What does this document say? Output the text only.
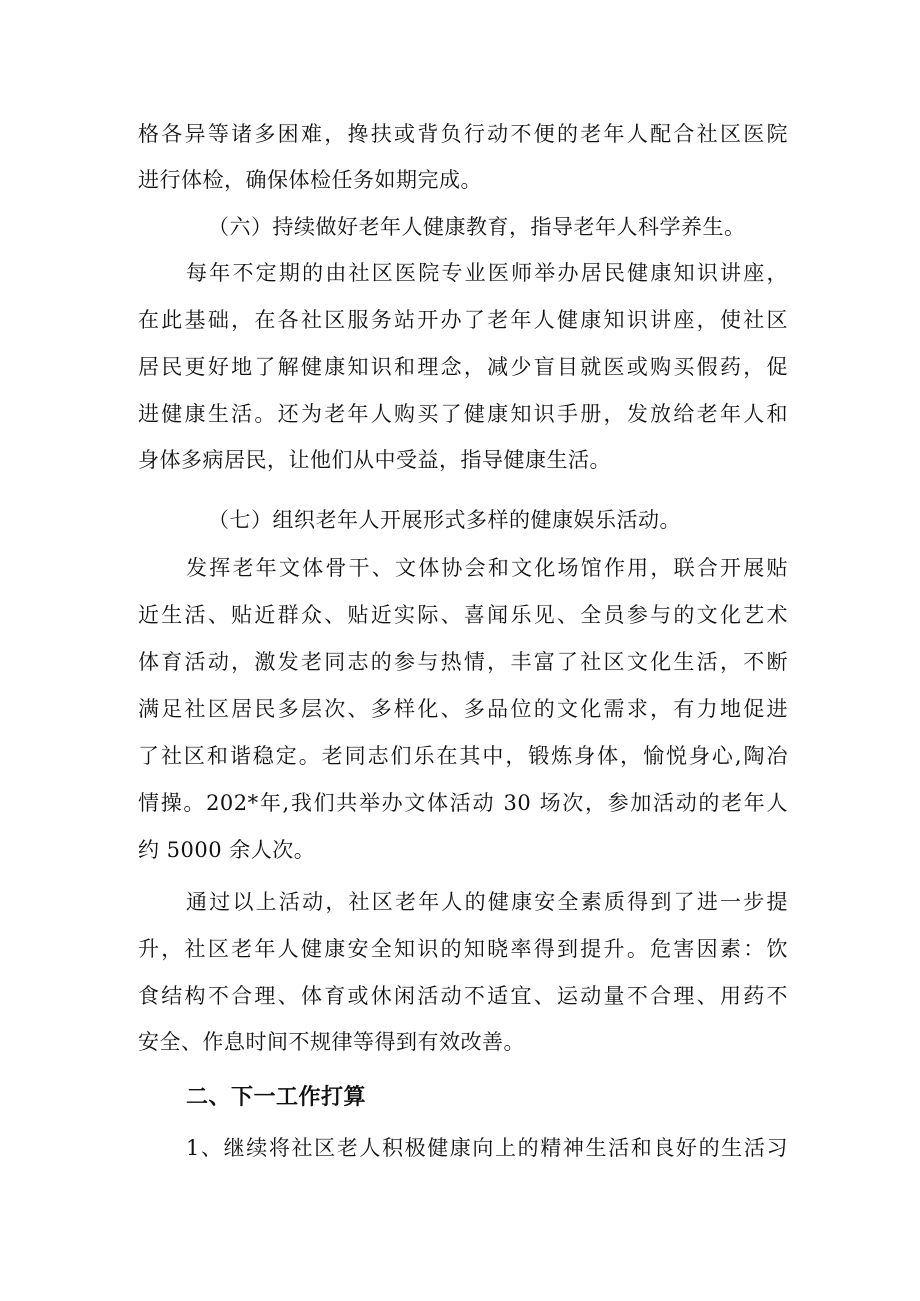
格各异等诸多困难，搀扶或背负行动不便的老年人配合社区医院
进行体检，确保体检任务如期完成。
（六）持续做好老年人健康教育，指导老年人科学养生。
每年不定期的由社区医院专业医师举办居民健康知识讲座，
在此基础，在各社区服务站开办了老年人健康知识讲座，使社区
居民更好地了解健康知识和理念，减少盲目就医或购买假药，促
进健康生活。还为老年人购买了健康知识手册，发放给老年人和
身体多病居民，让他们从中受益，指导健康生活。
（七）组织老年人开展形式多样的健康娱乐活动。
发挥老年文体骨干、文体协会和文化场馆作用，联合开展贴
近生活、贴近群众、贴近实际、喜闻乐见、全员参与的文化艺术
体育活动，激发老同志的参与热情，丰富了社区文化生活，不断
满足社区居民多层次、多样化、多品位的文化需求，有力地促进
了社区和谐稳定。老同志们乐在其中，锻炼身体，愉悦身心,陶冶
情操。202*年,我们共举办文体活动 30 场次，参加活动的老年人
约 5000 余人次。
通过以上活动，社区老年人的健康安全素质得到了进一步提
升，社区老年人健康安全知识的知晓率得到提升。危害因素：饮
食结构不合理、体育或休闲活动不适宜、运动量不合理、用药不
安全、作息时间不规律等得到有效改善。
二、下一工作打算
1、继续将社区老人积极健康向上的精神生活和良好的生活习
